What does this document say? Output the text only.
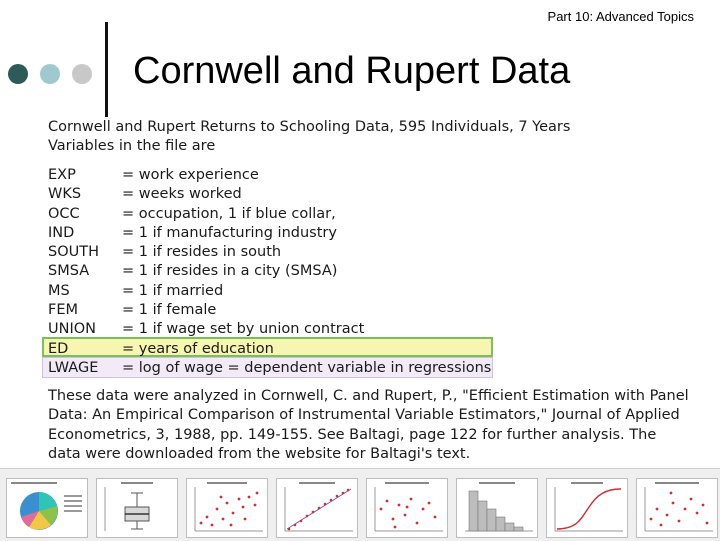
Part 10: Advanced Topics
Cornwell and Rupert Data
Cornwell and Rupert Returns to Schooling Data, 595 Individuals, 7 Years
Variables in the file are
EXP	= work experience
WKS	= weeks worked
OCC	= occupation, 1 if blue collar,
IND	= 1 if manufacturing industry
SOUTH = 1 if resides in south
SMSA = 1 if resides in a city (SMSA)
MS	= 1 if married
FEM	= 1 if female
UNION = 1 if wage set by union contract
ED	= years of education
LWAGE = log of wage = dependent variable in regressions
These data were analyzed in Cornwell, C. and Rupert, P., "Efficient Estimation with Panel
Data: An Empirical Comparison of Instrumental Variable Estimators," Journal of Applied
Econometrics, 3, 1988, pp. 149-155. See Baltagi, page 122 for further analysis. The
data were downloaded from the website for Baltagi's text.
